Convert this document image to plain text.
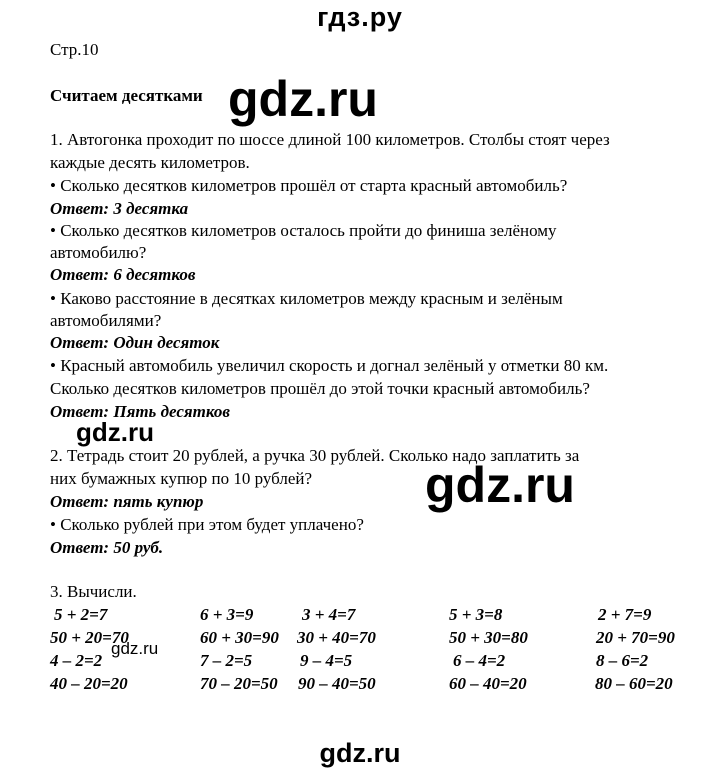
гдз.ру
Стр.10
Считаем десятками
1. Автогонка проходит по шоссе длиной 100 километров. Столбы стоят через
каждые десять километров.
• Сколько десятков километров прошёл от старта красный автомобиль?
Ответ: 3 десятка
• Сколько десятков километров осталось пройти до финиша зелёному
автомобилю?
Ответ: 6 десятков
• Каково расстояние в десятках километров между красным и зелёным
автомобилями?
Ответ: Один десяток
• Красный автомобиль увеличил скорость и догнал зелёный у отметки 80 км.
Сколько десятков километров прошёл до этой точки красный автомобиль?
Ответ: Пять десятков
2. Тетрадь стоит 20 рублей, а ручка 30 рублей. Сколько надо заплатить за
них бумажных купюр по 10 рублей?
Ответ: пять купюр
• Сколько рублей при этом будет уплачено?
Ответ: 50 руб.
3. Вычисли.
5 + 2=7	6 + 3=9	3 + 4=7	5 + 3=8	2 + 7=9
50 + 20=70	60 + 30=90 30 + 40=70	50 + 30=80	20 + 70=90
4 – 2=2	7 – 2=5	9 – 4=5	6 – 4=2	8 – 6=2
40 – 20=20	70 – 20=50 90 – 40=50	60 – 40=20	80 – 60=20
gdz.ru
gdz.ru
gdz.ru
gdz.ru
gdz.ru
